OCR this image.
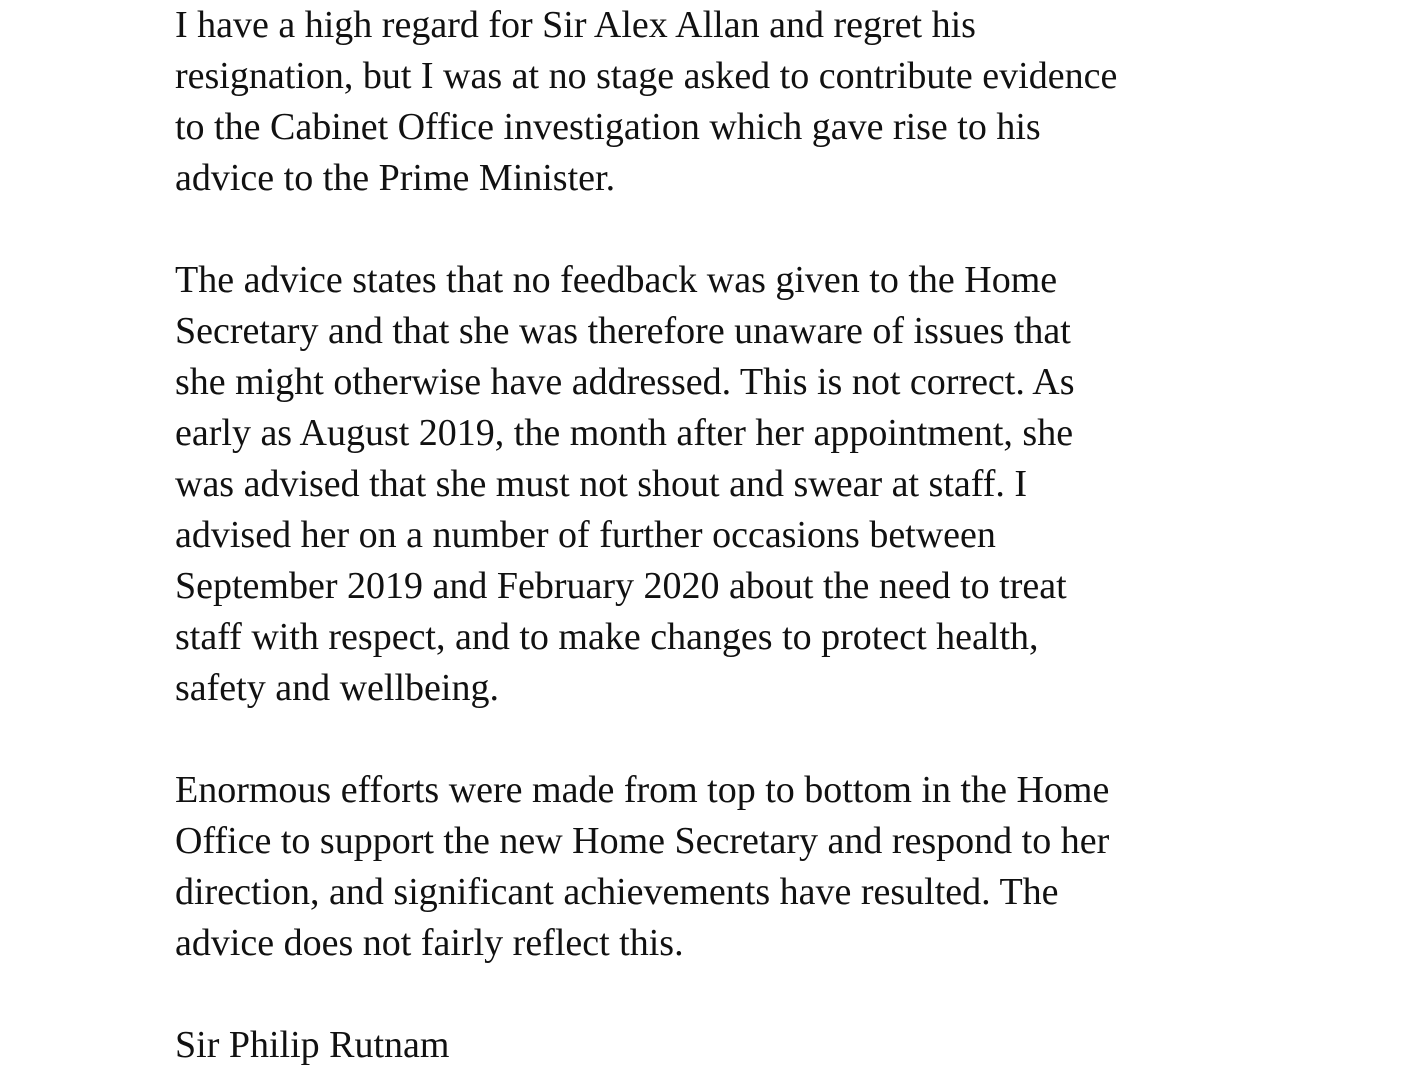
I have a high regard for Sir Alex Allan and regret his
resignation, but I was at no stage asked to contribute evidence
to the Cabinet Office investigation which gave rise to his
advice to the Prime Minister.

The advice states that no feedback was given to the Home
Secretary and that she was therefore unaware of issues that
she might otherwise have addressed. This is not correct. As
early as August 2019, the month after her appointment, she
was advised that she must not shout and swear at staff. I
advised her on a number of further occasions between
September 2019 and February 2020 about the need to treat
staff with respect, and to make changes to protect health,
safety and wellbeing.

Enormous efforts were made from top to bottom in the Home
Office to support the new Home Secretary and respond to her
direction, and significant achievements have resulted. The
advice does not fairly reflect this.

Sir Philip Rutnam
